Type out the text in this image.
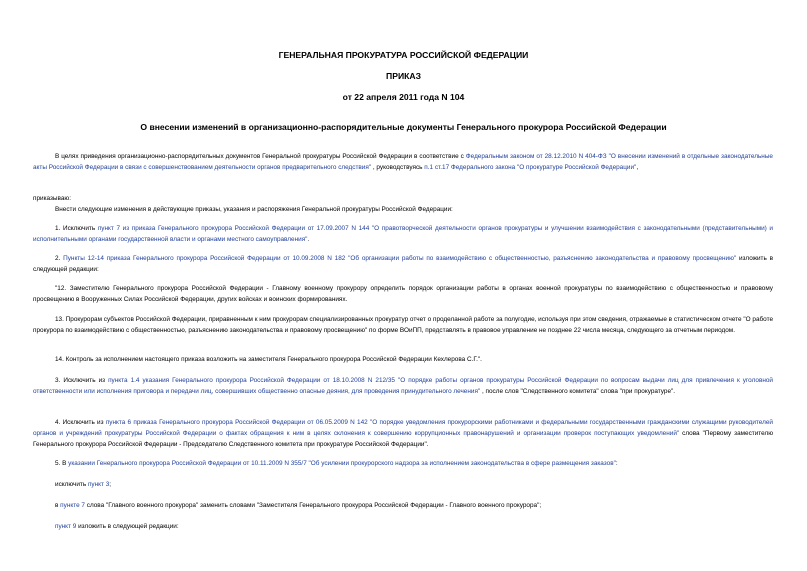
ГЕНЕРАЛЬНАЯ ПРОКУРАТУРА РОССИЙСКОЙ ФЕДЕРАЦИИ
ПРИКАЗ
от 22 апреля 2011 года N 104
О внесении изменений в организационно-распорядительные документы Генерального прокурора Российской Федерации
В целях приведения организационно-распорядительных документов Генеральной прокуратуры Российской Федерации в соответствие с Федеральным законом от 28.12.2010 N 404-ФЗ "О внесении изменений в отдельные законодательные акты Российской Федерации в связи с совершенствованием деятельности органов предварительного следствия" , руководствуясь п.1 ст.17 Федерального закона "О прокуратуре Российской Федерации",
приказываю:
Внести следующие изменения в действующие приказы, указания и распоряжения Генеральной прокуратуры Российской Федерации:
1. Исключить пункт 7 из приказа Генерального прокурора Российской Федерации от 17.09.2007 N 144 "О правотворческой деятельности органов прокуратуры и улучшении взаимодействия с законодательными (представительными) и исполнительными органами государственной власти и органами местного самоуправления".
2. Пункты 12-14 приказа Генерального прокурора Российской Федерации от 10.09.2008 N 182 "Об организации работы по взаимодействию с общественностью, разъяснению законодательства и правовому просвещению" изложить в следующей редакции:
"12. Заместителю Генерального прокурора Российской Федерации - Главному военному прокурору определить порядок организации работы в органах военной прокуратуры по взаимодействию с общественностью и правовому просвещению в Вооруженных Силах Российской Федерации, других войсках и воинских формированиях.
13. Прокурорам субъектов Российской Федерации, приравненным к ним прокурорам специализированных прокуратур отчет о проделанной работе за полугодие, используя при этом сведения, отражаемые в статистическом отчете "О работе прокурора по взаимодействию с общественностью, разъяснению законодательства и правовому просвещению" по форме ВОиПП, представлять в правовое управление не позднее 22 числа месяца, следующего за отчетным периодом.
14. Контроль за исполнением настоящего приказа возложить на заместителя Генерального прокурора Российской Федерации Кехлерова С.Г.".
3. Исключить из пункта 1.4 указания Генерального прокурора Российской Федерации от 18.10.2008 N 212/35 "О порядке работы органов прокуратуры Российской Федерации по вопросам выдачи лиц для привлечения к уголовной ответственности или исполнения приговора и передачи лиц, совершивших общественно опасные деяния, для проведения принудительного лечения" , после слов "Следственного комитета" слова "при прокуратуре".
4. Исключить из пункта 6 приказа Генерального прокурора Российской Федерации от 06.05.2009 N 142 "О порядке уведомления прокурорскими работниками и федеральными государственными гражданскими служащими руководителей органов и учреждений прокуратуры Российской Федерации о фактах обращения к ним в целях склонения к совершению коррупционных правонарушений и организации проверок поступающих уведомлений" слова "Первому заместителю Генерального прокурора Российской Федерации - Председателю Следственного комитета при прокуратуре Российской Федерации".
5. В указании Генерального прокурора Российской Федерации от 10.11.2009 N 355/7 "Об усилении прокурорского надзора за исполнением законодательства в сфере размещения заказов":
исключить пункт 3;
в пункте 7 слова "Главного военного прокурора" заменить словами "Заместителя Генерального прокурора Российской Федерации - Главного военного прокурора";
пункт 9 изложить в следующей редакции:
